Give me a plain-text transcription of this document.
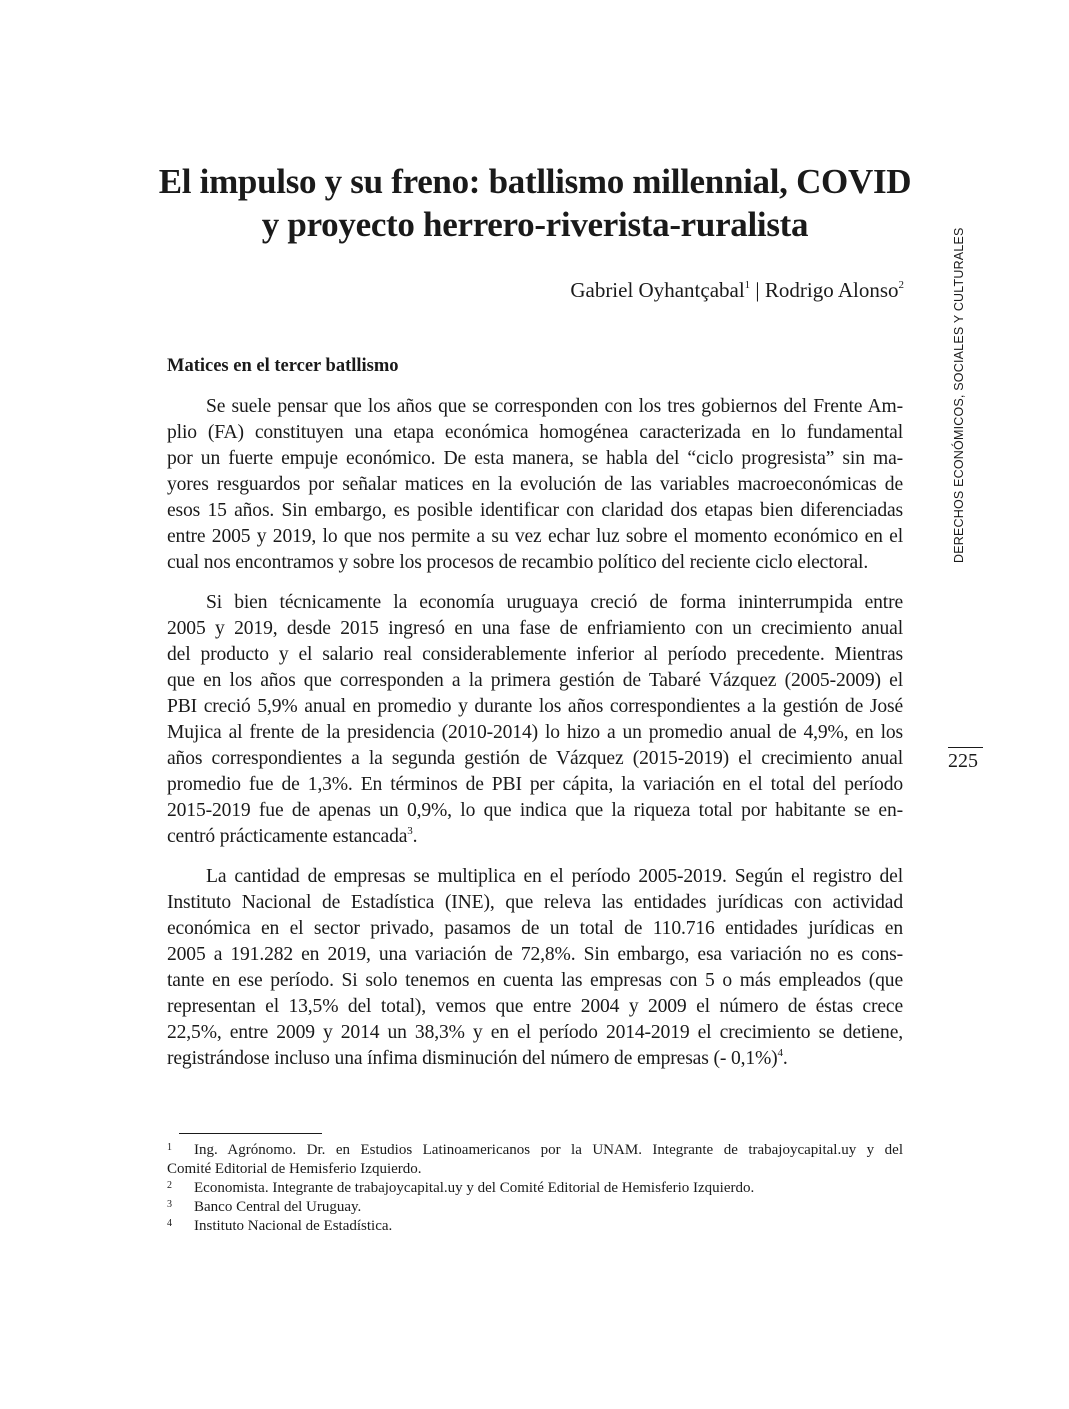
El impulso y su freno: batllismo millennial, COVID
y proyecto herrero-riverista-ruralista
Gabriel Oyhantçabal$^1$ | Rodrigo Alonso$^2$
Matices en el tercer batllismo
Se suele pensar que los años que se corresponden con los tres gobiernos del Frente Am-
plio (FA) constituyen una etapa económica homogénea caracterizada en lo fundamental
por un fuerte empuje económico. De esta manera, se habla del “ciclo progresista” sin ma-
yores resguardos por señalar matices en la evolución de las variables macroeconómicas de
esos 15 años. Sin embargo, es posible identificar con claridad dos etapas bien diferenciadas
entre 2005 y 2019, lo que nos permite a su vez echar luz sobre el momento económico en el
cual nos encontramos y sobre los procesos de recambio político del reciente ciclo electoral.
Si bien técnicamente la economía uruguaya creció de forma ininterrumpida entre
2005 y 2019, desde 2015 ingresó en una fase de enfriamiento con un crecimiento anual
del producto y el salario real considerablemente inferior al período precedente. Mientras
que en los años que corresponden a la primera gestión de Tabaré Vázquez (2005-2009) el
PBI creció 5,9% anual en promedio y durante los años correspondientes a la gestión de José
Mujica al frente de la presidencia (2010-2014) lo hizo a un promedio anual de 4,9%, en los
años correspondientes a la segunda gestión de Vázquez (2015-2019) el crecimiento anual
promedio fue de 1,3%. En términos de PBI per cápita, la variación en el total del período
2015-2019 fue de apenas un 0,9%, lo que indica que la riqueza total por habitante se en-
centró prácticamente estancada$^3$.
La cantidad de empresas se multiplica en el período 2005-2019. Según el registro del
Instituto Nacional de Estadística (INE), que releva las entidades jurídicas con actividad
económica en el sector privado, pasamos de un total de 110.716 entidades jurídicas en
2005 a 191.282 en 2019, una variación de 72,8%. Sin embargo, esa variación no es cons-
tante en ese período. Si solo tenemos en cuenta las empresas con 5 o más empleados (que
representan el 13,5% del total), vemos que entre 2004 y 2009 el número de éstas crece
22,5%, entre 2009 y 2014 un 38,3% y en el período 2014-2019 el crecimiento se detiene,
registrándose incluso una ínfima disminución del número de empresas (- 0,1%)$^4$.
DERECHOS ECONÓMICOS, SOCIALES Y CULTURALES
225
1 Ing. Agrónomo. Dr. en Estudios Latinoamericanos por la UNAM. Integrante de trabajoycapital.uy y del
Comité Editorial de Hemisferio Izquierdo.
2 Economista. Integrante de trabajoycapital.uy y del Comité Editorial de Hemisferio Izquierdo.
3 Banco Central del Uruguay.
4 Instituto Nacional de Estadística.
